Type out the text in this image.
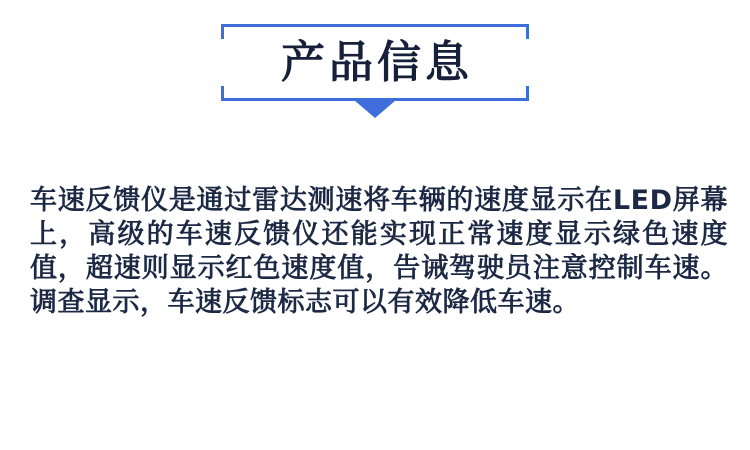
产品信息

车速反馈仪是通过雷达测速将车辆的速度显示在LED屏幕上，高级的车速反馈仪还能实现正常速度显示绿色速度值，超速则显示红色速度值，告诫驾驶员注意控制车速。调查显示，车速反馈标志可以有效降低车速。
